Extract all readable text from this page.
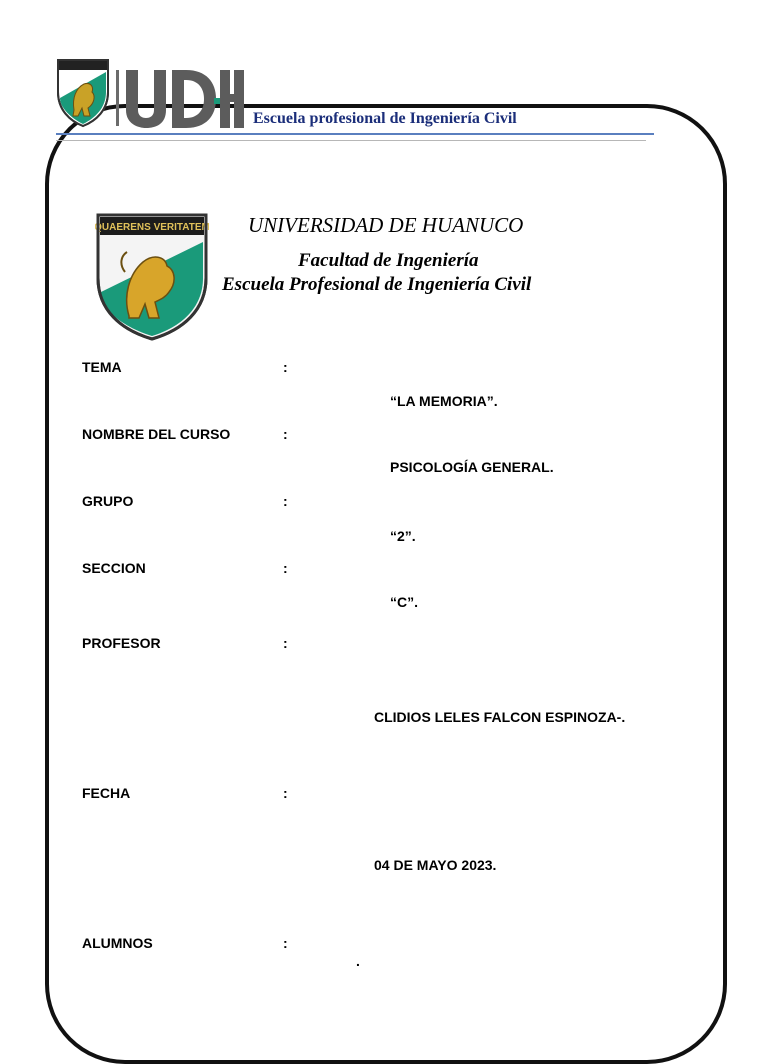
Escuela profesional de Ingeniería Civil
QUAERENS VERITATEM UNIVERSIDAD DE HUANUCO
Facultad de Ingeniería
Escuela Profesional de Ingeniería Civil
TEMA	:
“LA MEMORIA”.
NOMBRE DEL CURSO	:
PSICOLOGÍA GENERAL.
GRUPO	:
“2”.
SECCION	:
“C”.
PROFESOR	:
CLIDIOS LELES FALCON ESPINOZA-.
FECHA	:
04 DE MAYO 2023.
ALUMNOS	:
.
